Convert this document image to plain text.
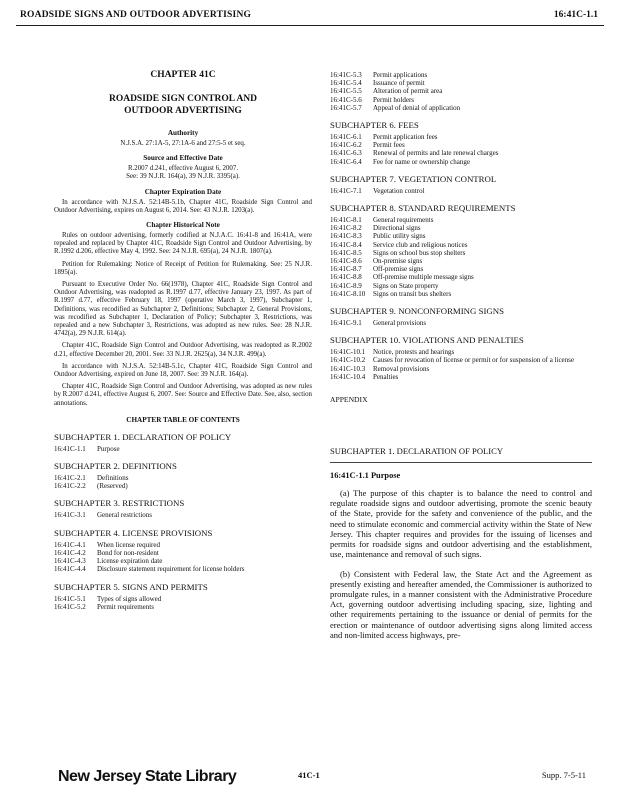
ROADSIDE SIGNS AND OUTDOOR ADVERTISING	16:41C-1.1
CHAPTER 41C
ROADSIDE SIGN CONTROL AND
OUTDOOR ADVERTISING
Authority

N.J.S.A. 27:1A-5, 27:1A-6 and 27:5-5 et seq.

Source and Effective Date

R.2007 d.241, effective August 6, 2007.

See: 39 N.J.R. 164(a), 39 N.J.R. 3395(a).

Chapter Expiration Date

In accordance with N.J.S.A. 52:14B-5.1b, Chapter 41C, Roadside Sign Control and Outdoor Advertising, expires on August 6, 2014. See: 43 N.J.R. 1203(a).

Chapter Historical Note

Rules on outdoor advertising, formerly codified at N.J.A.C. 16:41-8 and 16:41A, were repealed and replaced by Chapter 41C, Roadside Sign Control and Outdoor Advertising, by R.1992 d.206, effective May 4, 1992. See: 24 N.J.R. 695(a), 24 N.J.R. 1807(a).

Petition for Rulemaking: Notice of Receipt of Petition for Rulemaking. See: 25 N.J.R. 1895(a).

Pursuant to Executive Order No. 66(1978), Chapter 41C, Roadside Sign Control and Outdoor Advertising, was readopted as R.1997 d.77, effective January 23, 1997. As part of R.1997 d.77, effective February 18, 1997 (operative March 3, 1997), Subchapter 1, Definitions, was recodified as Subchapter 2, Definitions; Subchapter 2, General Provisions, was recodified as Subchapter 1, Declaration of Policy; Subchapter 3, Restrictions, was repealed and a new Subchapter 3, Restrictions, was adopted as new rules. See: 28 N.J.R. 4742(a), 29 N.J.R. 614(a).

Chapter 41C, Roadside Sign Control and Outdoor Advertising, was readopted as R.2002 d.21, effective December 20, 2001. See: 33 N.J.R. 2625(a), 34 N.J.R. 499(a).

In accordance with N.J.S.A. 52:14B-5.1c, Chapter 41C, Roadside Sign Control and Outdoor Advertising, expired on June 18, 2007. See: 39 N.J.R. 164(a).

Chapter 41C, Roadside Sign Control and Outdoor Advertising, was adopted as new rules by R.2007 d.241, effective August 6, 2007. See: Source and Effective Date. See, also, section annotations.

CHAPTER TABLE OF CONTENTS
SUBCHAPTER 1. DECLARATION OF POLICY
16:41C-1.1	Purpose
SUBCHAPTER 2. DEFINITIONS
16:41C-2.1	Definitions
16:41C-2.2	(Reserved)
SUBCHAPTER 3. RESTRICTIONS
16:41C-3.1	General restrictions
SUBCHAPTER 4. LICENSE PROVISIONS
16:41C-4.1	When license required
16:41C-4.2	Bond for non-resident
16:41C-4.3	License expiration date
16:41C-4.4	Disclosure statement requirement for license holders
SUBCHAPTER 5. SIGNS AND PERMITS
16:41C-5.1	Types of signs allowed
16:41C-5.2	Permit requirements
16:41C-5.3	Permit applications
16:41C-5.4	Issuance of permit
16:41C-5.5	Alteration of permit area
16:41C-5.6	Permit holders
16:41C-5.7	Appeal of denial of application
SUBCHAPTER 6. FEES
16:41C-6.1	Permit application fees
16:41C-6.2	Permit fees
16:41C-6.3	Renewal of permits and late renewal charges
16:41C-6.4	Fee for name or ownership change
SUBCHAPTER 7. VEGETATION CONTROL
16:41C-7.1	Vegetation control
SUBCHAPTER 8. STANDARD REQUIREMENTS
16:41C-8.1	General requirements
16:41C-8.2	Directional signs
16:41C-8.3	Public utility signs
16:41C-8.4	Service club and religious notices
16:41C-8.5	Signs on school bus stop shelters
16:41C-8.6	On-premise signs
16:41C-8.7	Off-premise signs
16:41C-8.8	Off-premise multiple message signs
16:41C-8.9	Signs on State property
16:41C-8.10	Signs on transit bus shelters
SUBCHAPTER 9. NONCONFORMING SIGNS
16:41C-9.1	General provisions
SUBCHAPTER 10. VIOLATIONS AND PENALTIES
16:41C-10.1	Notice, protests and hearings
16:41C-10.2	Causes for revocation of license or permit or for suspension of a license
16:41C-10.3	Removal provisions
16:41C-10.4	Penalties
APPENDIX
SUBCHAPTER 1. DECLARATION OF POLICY
16:41C-1.1 Purpose

(a) The purpose of this chapter is to balance the need to control and regulate roadside signs and outdoor advertising, promote the scenic beauty of the State, provide for the safety and convenience of the public, and the need to stimulate economic and commercial activity within the State of New Jersey. This chapter requires and provides for the issuing of licenses and permits for roadside signs and outdoor advertising and the establishment, use, maintenance and removal of such signs.

(b) Consistent with Federal law, the State Act and the Agreement as presently existing and hereafter amended, the Commissioner is authorized to promulgate rules, in a manner consistent with the Administrative Procedure Act, governing outdoor advertising including spacing, size, lighting and other requirements pertaining to the issuance or denial of permits for the erection or maintenance of outdoor advertising signs along limited access and non-limited access highways, pre-

New Jersey State Library	41C-1	Supp. 7-5-11
